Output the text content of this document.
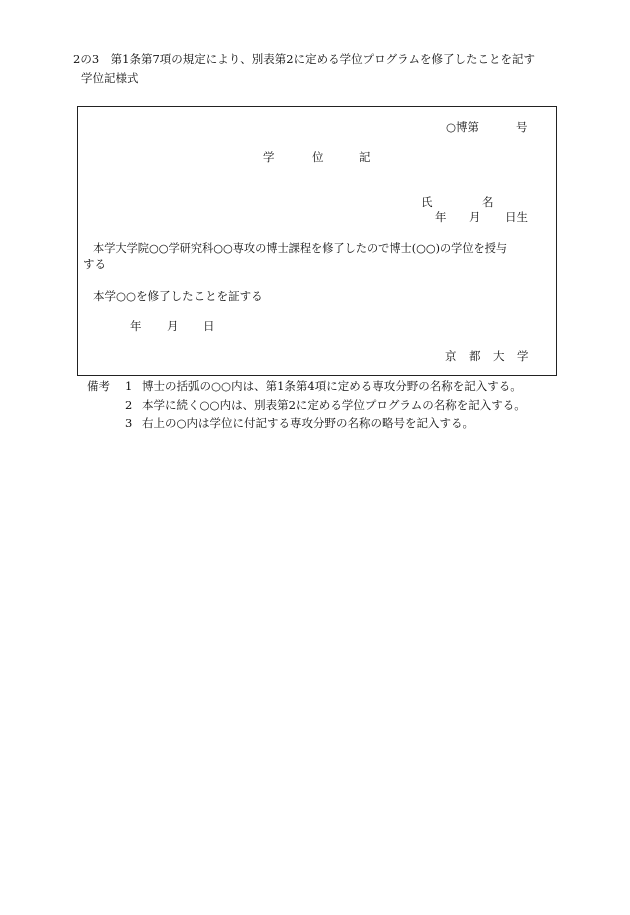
2の3　第1条第7項の規定により、別表第2に定める学位プログラムを修了したことを記す
学位記様式
○博第	号
学	位	記
氏	名
年 月 日生
本学大学院○○学研究科○○専攻の博士課程を修了したので博士(○○)の学位を授与
する
本学○○を修了したことを証する
年 月 日
京 都 大 学
備考 1 博士の括弧の○○内は、第1条第4項に定める専攻分野の名称を記入する。
2 本学に続く○○内は、別表第2に定める学位プログラムの名称を記入する。
3 右上の○内は学位に付記する専攻分野の名称の略号を記入する。
